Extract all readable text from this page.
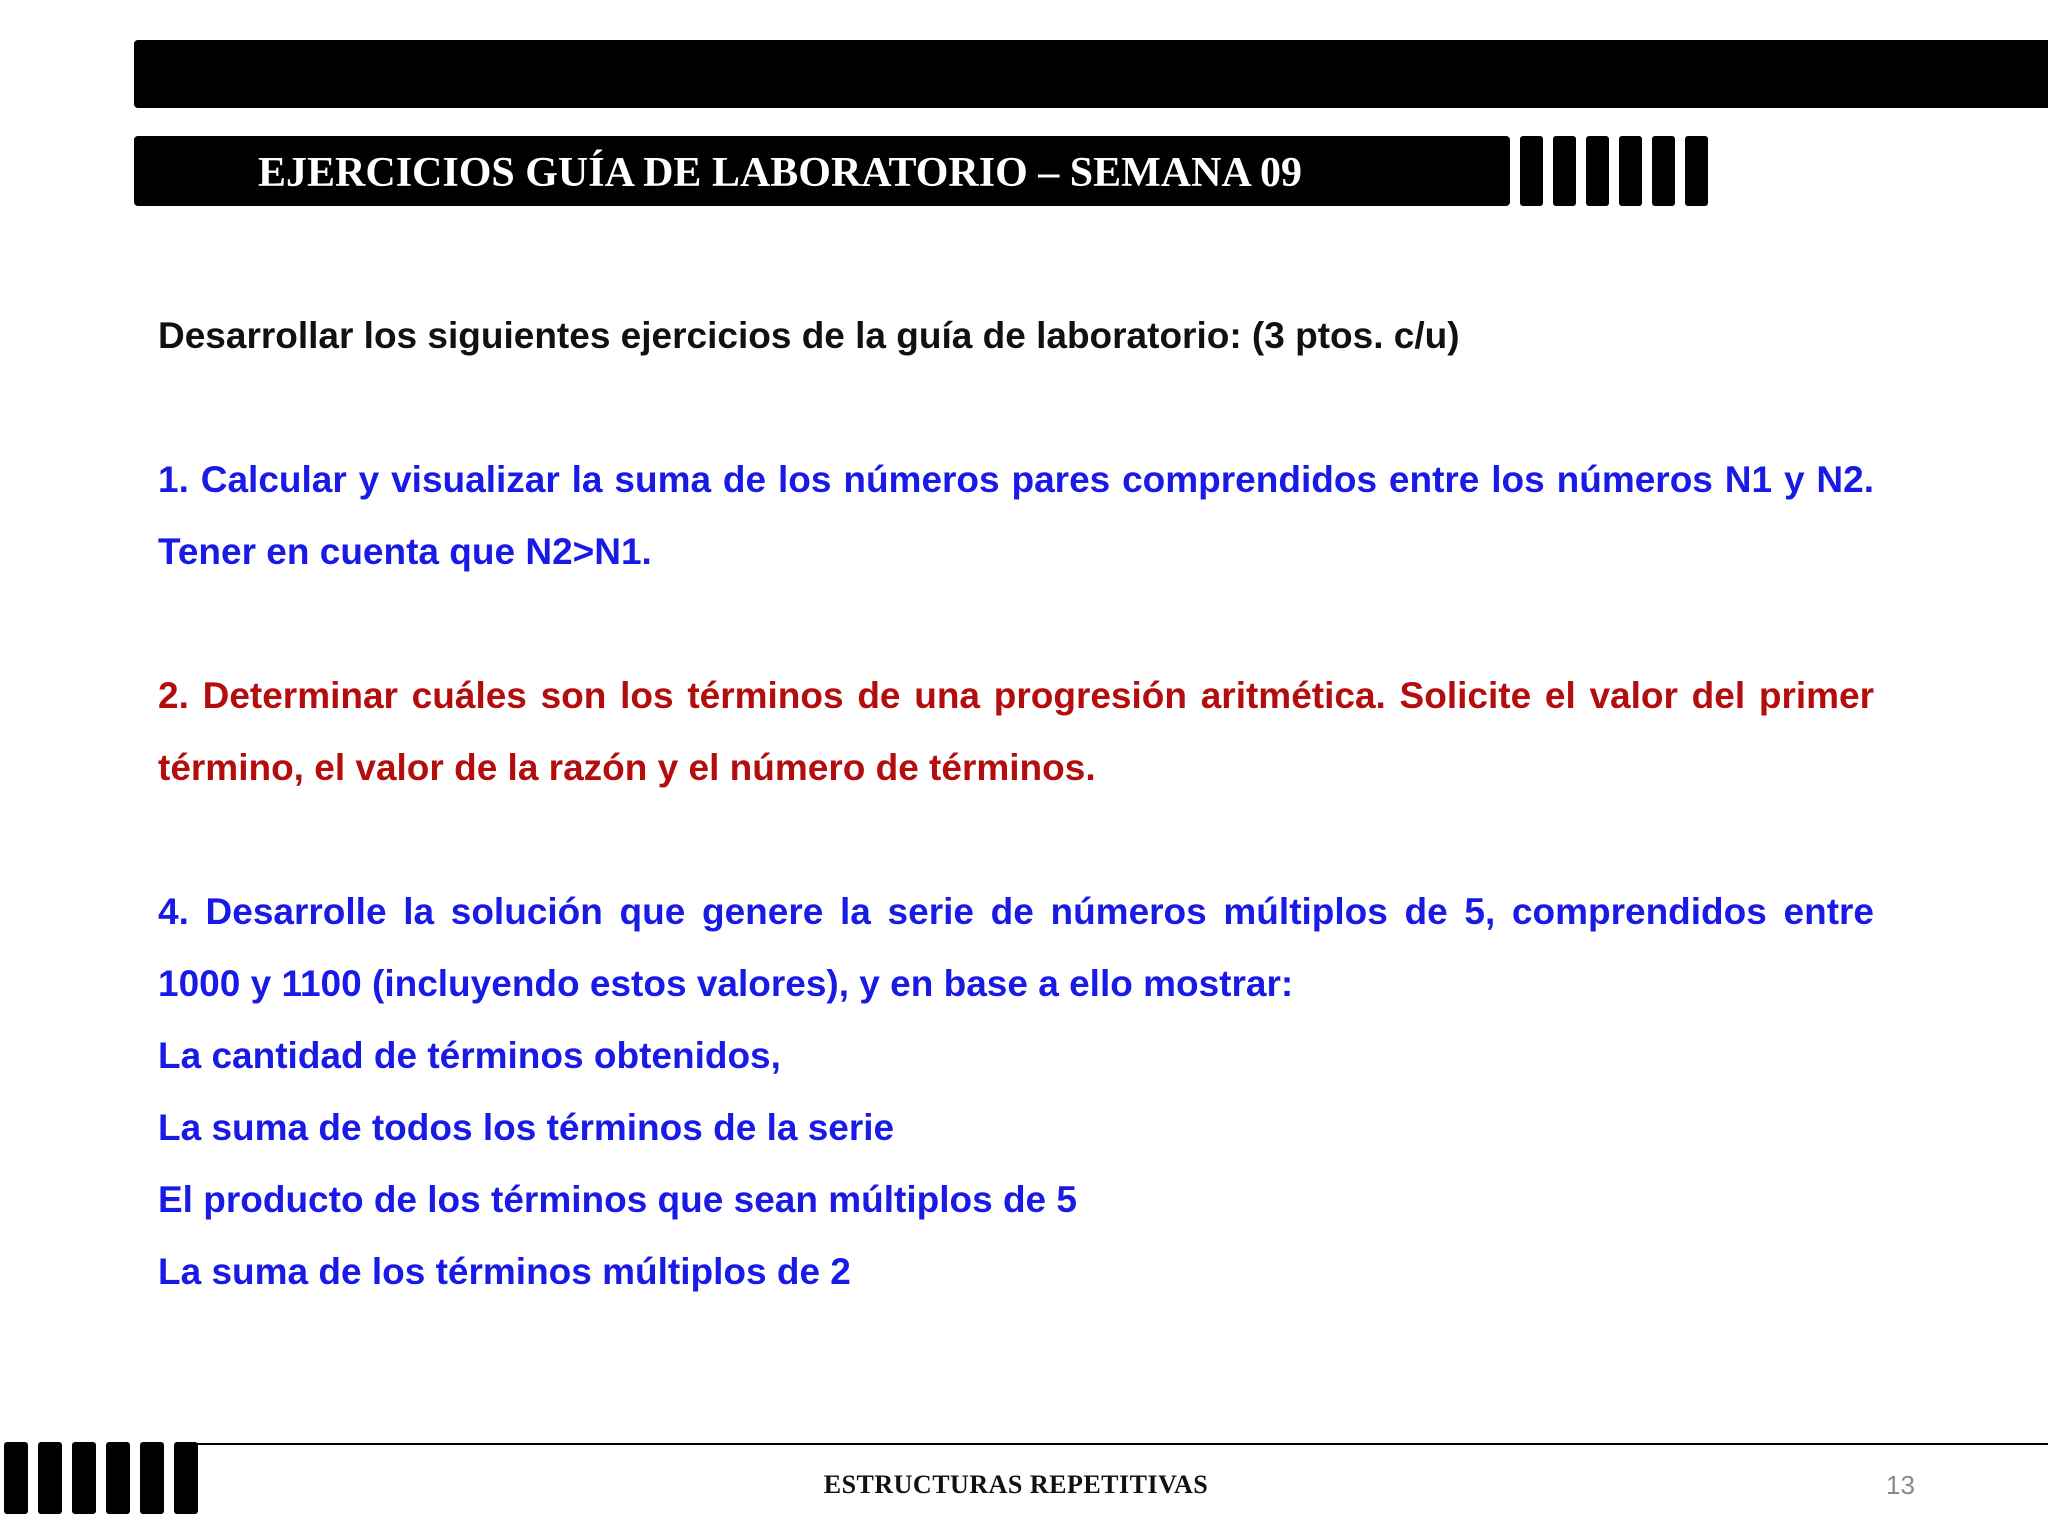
EJERCICIOS GUÍA DE LABORATORIO – SEMANA 09

Desarrollar los siguientes ejercicios de la guía de laboratorio: (3 ptos. c/u)

1. Calcular y visualizar la suma de los números pares comprendidos entre los números N1 y N2. Tener en cuenta que N2>N1.

2. Determinar cuáles son los términos de una progresión aritmética. Solicite el valor del primer término, el valor de la razón y el número de términos.

4. Desarrolle la solución que genere la serie de números múltiplos de 5, comprendidos entre 1000 y 1100 (incluyendo estos valores), y en base a ello mostrar:

La cantidad de términos obtenidos,
La suma de todos los términos de la serie
El producto de los términos que sean múltiplos de 5
La suma de los términos múltiplos de 2
ESTRUCTURAS REPETITIVAS	13
